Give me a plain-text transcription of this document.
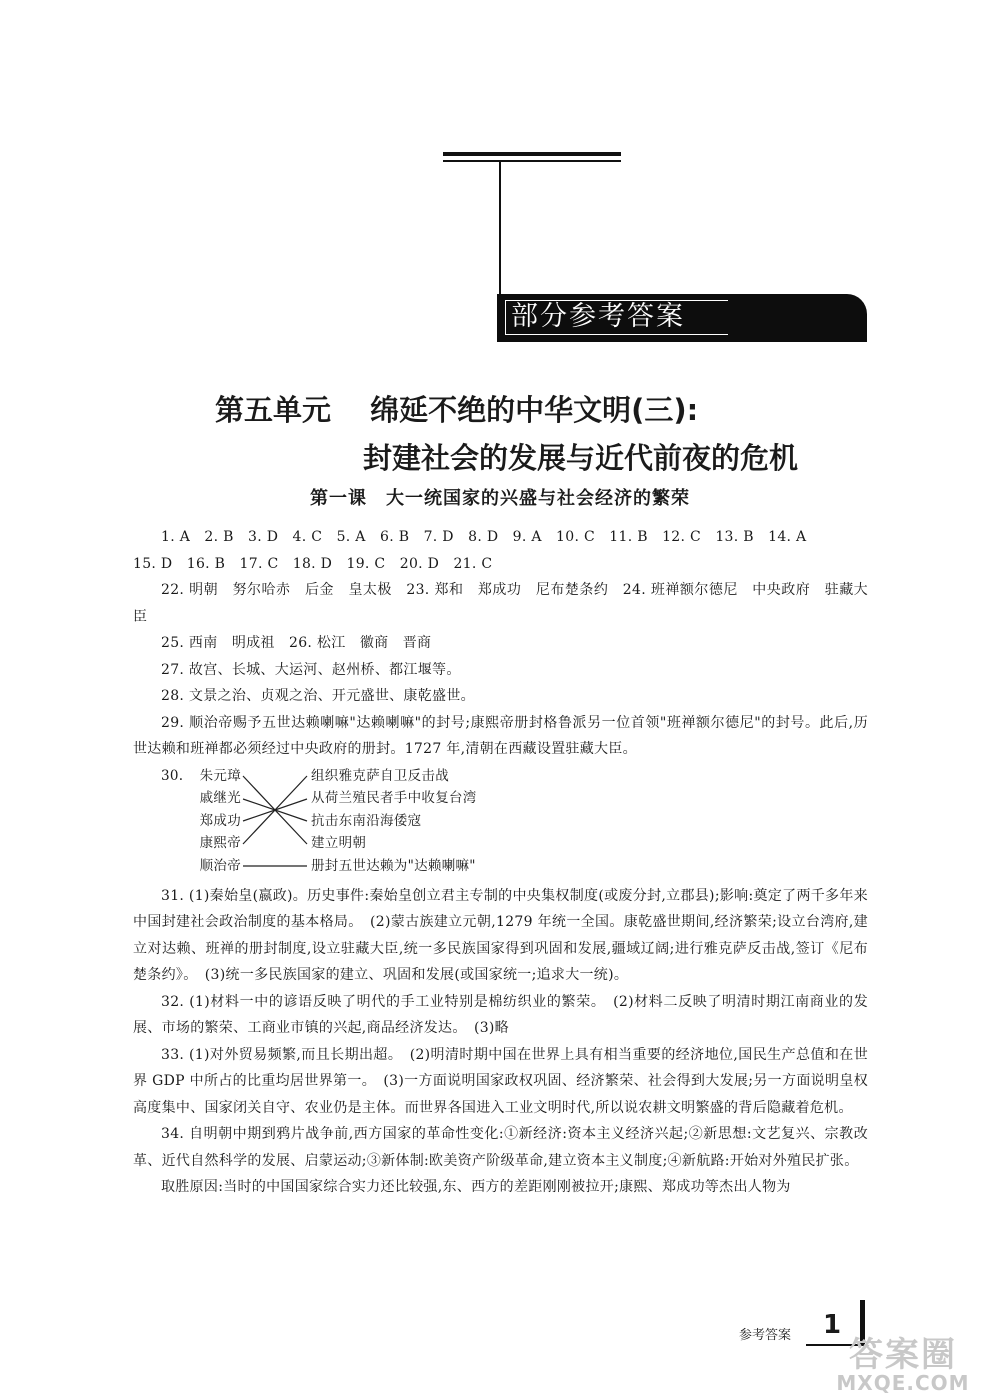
部分参考答案
第五单元　 绵延不绝的中华文明(三):
封建社会的发展与近代前夜的危机
第一课　大一统国家的兴盛与社会经济的繁荣

1. A　2. B　3. D　4. C　5. A　6. B　7. D　8. D　9. A　10. C　11. B　12. C　13. B　14. A

15. D　16. B　17. C　18. D　19. C　20. D　21. C

22. 明朝　努尔哈赤　后金　皇太极　23. 郑和　郑成功　尼布楚条约　24. 班禅额尔德尼　中央政府　驻藏大臣

25. 西南　明成祖　26. 松江　徽商　晋商

27. 故宫、长城、大运河、赵州桥、都江堰等。

28. 文景之治、贞观之治、开元盛世、康乾盛世。

29. 顺治帝赐予五世达赖喇嘛"达赖喇嘛"的封号;康熙帝册封格鲁派另一位首领"班禅额尔德尼"的封号。此后,历世达赖和班禅都必须经过中央政府的册封。1727 年,清朝在西藏设置驻藏大臣。

30.	朱元璋
戚继光
郑成功
康熙帝
顺治帝
组织雅克萨自卫反击战
从荷兰殖民者手中收复台湾
抗击东南沿海倭寇
建立明朝
册封五世达赖为"达赖喇嘛"

31. (1)秦始皇(嬴政)。历史事件:秦始皇创立君主专制的中央集权制度(或废分封,立郡县);影响:奠定了两千多年来中国封建社会政治制度的基本格局。　(2)蒙古族建立元朝,1279 年统一全国。康乾盛世期间,经济繁荣;设立台湾府,建立对达赖、班禅的册封制度,设立驻藏大臣,统一多民族国家得到巩固和发展,疆域辽阔;进行雅克萨反击战,签订《尼布楚条约》。　(3)统一多民族国家的建立、巩固和发展(或国家统一;追求大一统)。

32. (1)材料一中的谚语反映了明代的手工业特别是棉纺织业的繁荣。　(2)材料二反映了明清时期江南商业的发展、市场的繁荣、工商业市镇的兴起,商品经济发达。　(3)略

33. (1)对外贸易频繁,而且长期出超。　(2)明清时期中国在世界上具有相当重要的经济地位,国民生产总值和在世界 GDP 中所占的比重均居世界第一。　(3)一方面说明国家政权巩固、经济繁荣、社会得到大发展;另一方面说明皇权高度集中、国家闭关自守、农业仍是主体。而世界各国进入工业文明时代,所以说农耕文明繁盛的背后隐藏着危机。

34. 自明朝中期到鸦片战争前,西方国家的革命性变化:①新经济:资本主义经济兴起;②新思想:文艺复兴、宗教改革、近代自然科学的发展、启蒙运动;③新体制:欧美资产阶级革命,建立资本主义制度;④新航路:开始对外殖民扩张。

取胜原因:当时的中国国家综合实力还比较强,东、西方的差距刚刚被拉开;康熙、郑成功等杰出人物为

参考答案 1
答案圈
MXQE.COM
